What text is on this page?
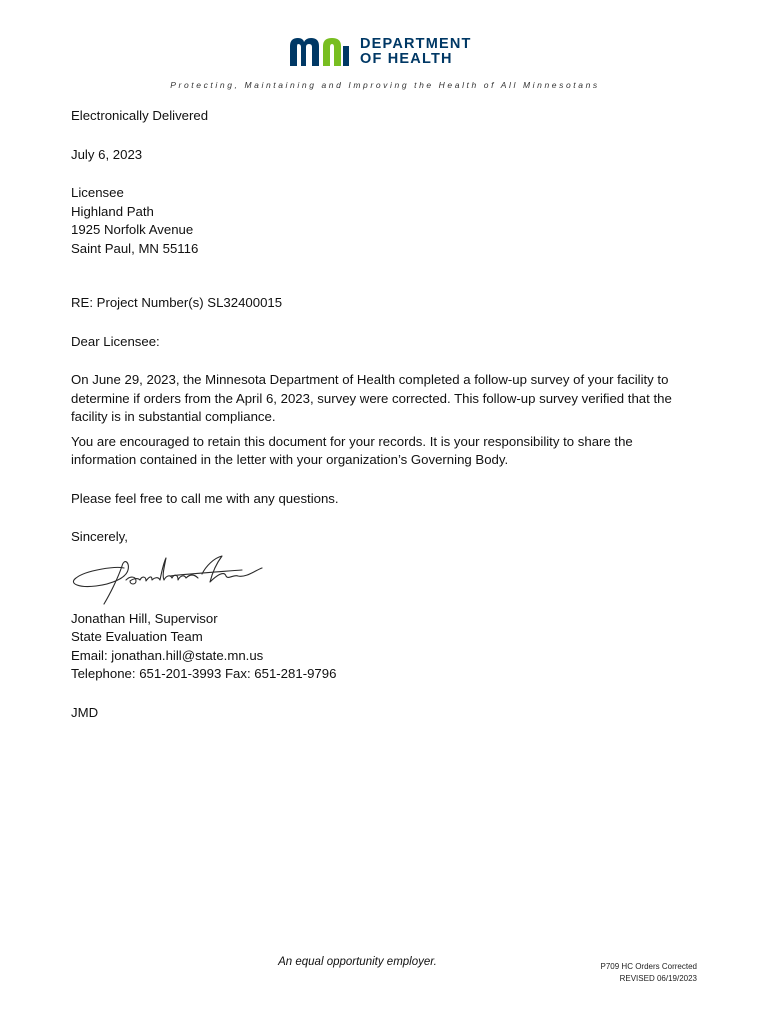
DEPARTMENT
OF HEALTH
Protecting, Maintaining and Improving the Health of All Minnesotans

Electronically Delivered

July 6, 2023

Licensee

Highland Path

1925 Norfolk Avenue

Saint Paul, MN 55116

RE: Project Number(s) SL32400015

Dear Licensee:

On June 29, 2023, the Minnesota Department of Health completed a follow-up survey of your facility to determine if orders from the April 6, 2023, survey were corrected. This follow-up survey verified that the facility is in substantial compliance.

You are encouraged to retain this document for your records. It is your responsibility to share the information contained in the letter with your organization’s Governing Body.

Please feel free to call me with any questions.

Sincerely,

Jonathan Hill, Supervisor

State Evaluation Team

Email: jonathan.hill@state.mn.us

Telephone: 651-201-3993 Fax: 651-281-9796

JMD

An equal opportunity employer.	P709 HC Orders Corrected
REVISED 06/19/2023
